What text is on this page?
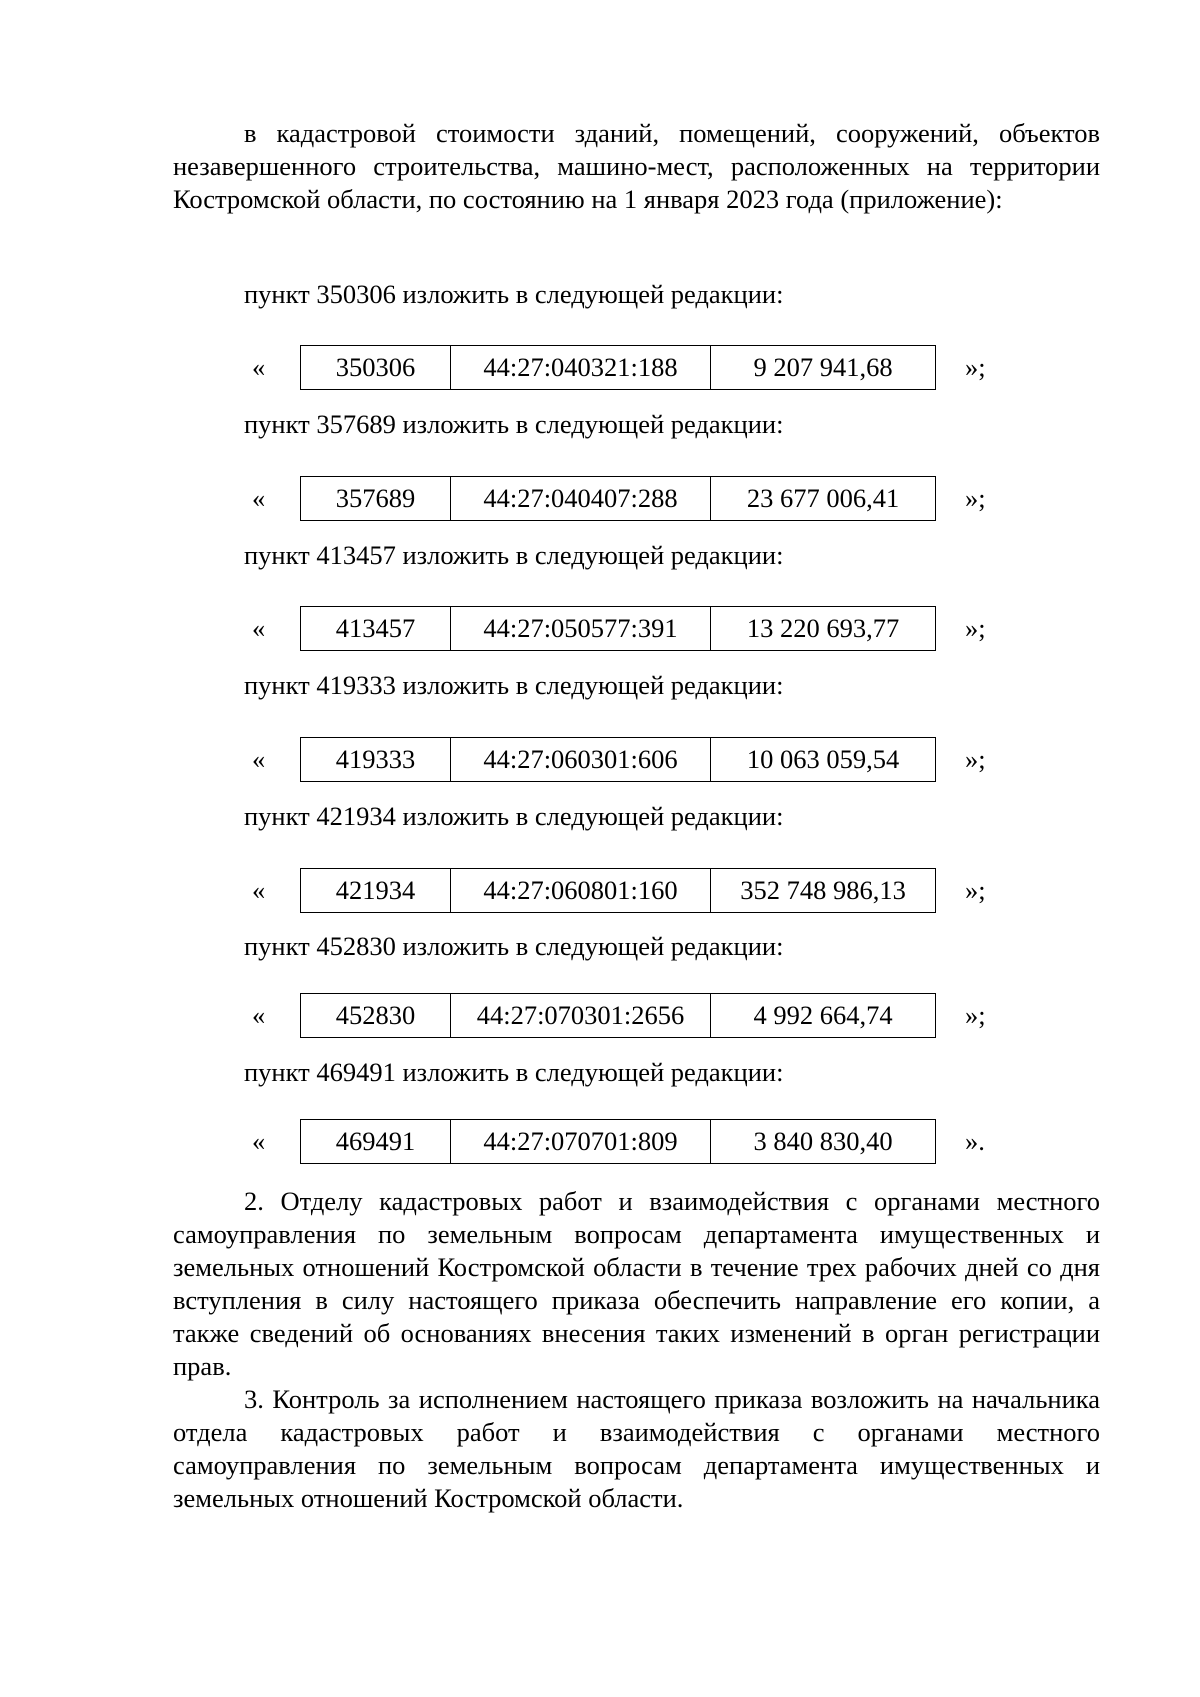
в кадастровой стоимости зданий, помещений, сооружений, объектов незавершенного строительства, машино-мест, расположенных на территории Костромской области, по состоянию на 1 января 2023 года (приложение):

пункт 350306 изложить в следующей редакции:
«	350306	44:27:040321:188	9 207 941,68	»;
пункт 357689 изложить в следующей редакции:
«	357689	44:27:040407:288	23 677 006,41 »;
пункт 413457 изложить в следующей редакции:
«	413457	44:27:050577:391	13 220 693,77 »;
пункт 419333 изложить в следующей редакции:
«	419333	44:27:060301:606	10 063 059,54 »;
пункт 421934 изложить в следующей редакции:
«	421934	44:27:060801:160	352 748 986,13 »;
пункт 452830 изложить в следующей редакции:
«	452830	44:27:070301:2656	4 992 664,74	»;
пункт 469491 изложить в следующей редакции:
«	469491	44:27:070701:809	3 840 830,40	».

2. Отделу кадастровых работ и взаимодействия с органами местного самоуправления по земельным вопросам департамента имущественных и земельных отношений Костромской области в течение трех рабочих дней со дня вступления в силу настоящего приказа обеспечить направление его копии, а также сведений об основаниях внесения таких изменений в орган регистрации прав.

3. Контроль за исполнением настоящего приказа возложить на начальника отдела кадастровых работ и взаимодействия с органами местного самоуправления по земельным вопросам департамента имущественных и земельных отношений Костромской области.
